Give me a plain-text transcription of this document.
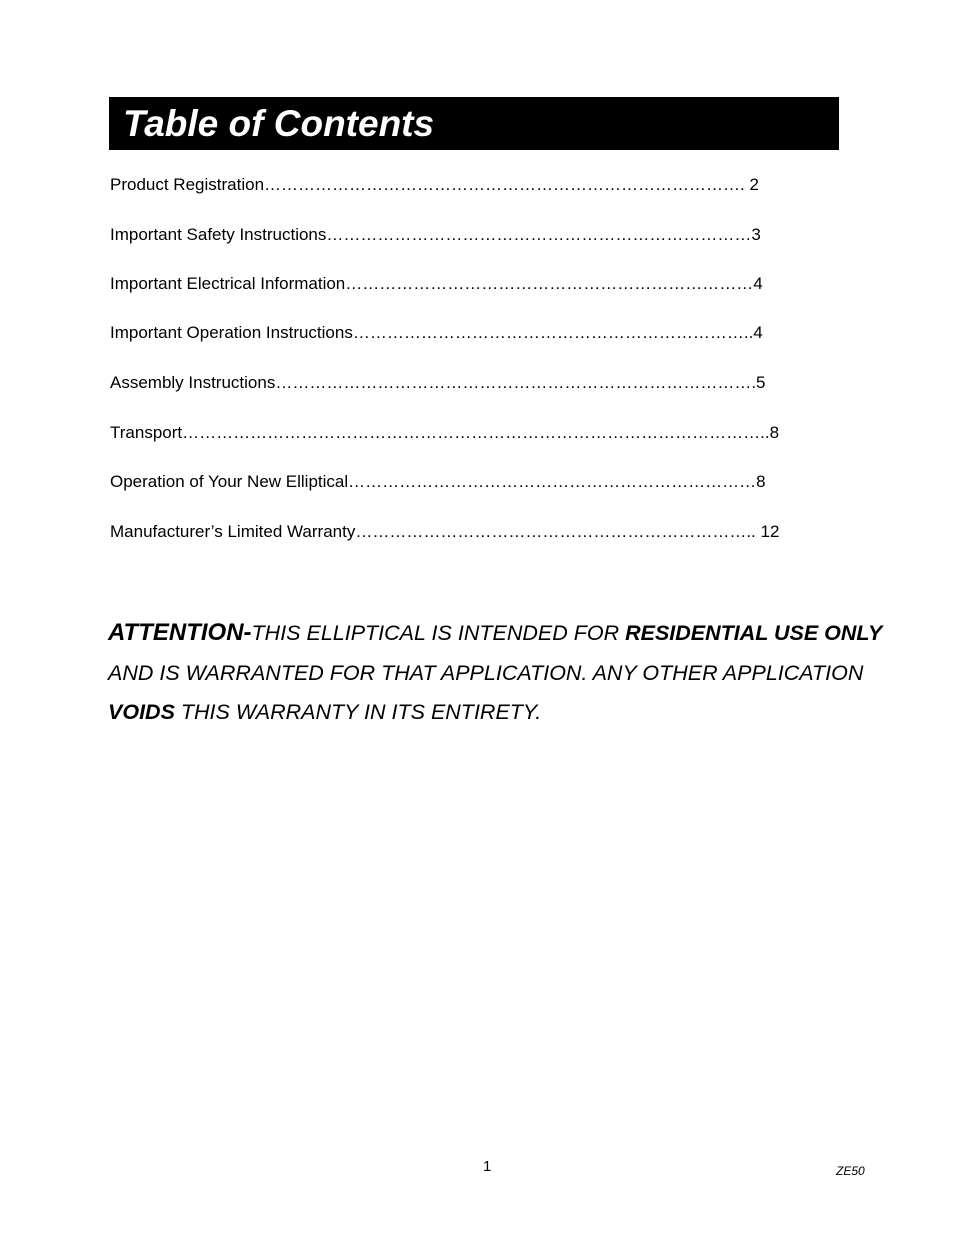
Table of Contents
Product Registration…………………………………………………………………………. 2
Important Safety Instructions…………………………………………………………………3
Important Electrical Information………………………………………………………………4
Important Operation Instructions……………………………………………………………..4
Assembly Instructions………………………………………………………………………….5
Transport…………………………………………………………………………………………..8
Operation of Your New Elliptical………………………………………………………………8
Manufacturer’s Limited Warranty…………………………………………………………….. 12
ATTENTION-THIS ELLIPTICAL IS INTENDED FOR RESIDENTIAL USE ONLY
AND IS WARRANTED FOR THAT APPLICATION. ANY OTHER APPLICATION
VOIDS THIS WARRANTY IN ITS ENTIRETY.
1	ZE50
